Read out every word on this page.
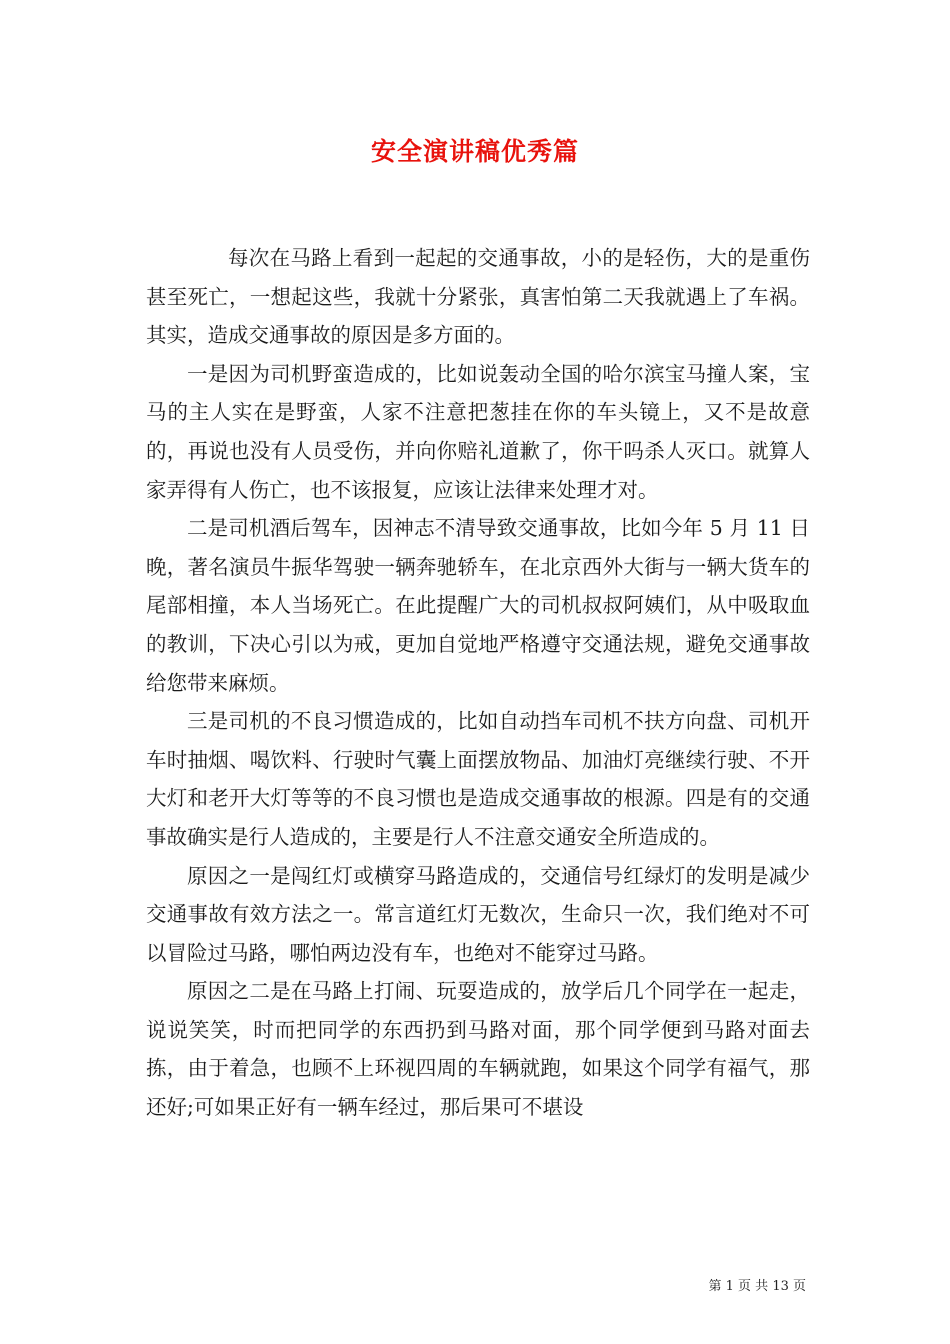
安全演讲稿优秀篇

每次在马路上看到一起起的交通事故，小的是轻伤，大的是重伤甚至死亡，一想起这些，我就十分紧张，真害怕第二天我就遇上了车祸。其实，造成交通事故的原因是多方面的。

一是因为司机野蛮造成的，比如说轰动全国的哈尔滨宝马撞人案，宝马的主人实在是野蛮，人家不注意把葱挂在你的车头镜上，又不是故意的，再说也没有人员受伤，并向你赔礼道歉了，你干吗杀人灭口。就算人家弄得有人伤亡，也不该报复，应该让法律来处理才对。

二是司机酒后驾车，因神志不清导致交通事故，比如今年 5 月 11 日晚，著名演员牛振华驾驶一辆奔驰轿车，在北京西外大街与一辆大货车的尾部相撞，本人当场死亡。在此提醒广大的司机叔叔阿姨们，从中吸取血的教训，下决心引以为戒，更加自觉地严格遵守交通法规，避免交通事故给您带来麻烦。

三是司机的不良习惯造成的，比如自动挡车司机不扶方向盘、司机开车时抽烟、喝饮料、行驶时气囊上面摆放物品、加油灯亮继续行驶、不开大灯和老开大灯等等的不良习惯也是造成交通事故的根源。四是有的交通事故确实是行人造成的，主要是行人不注意交通安全所造成的。

原因之一是闯红灯或横穿马路造成的，交通信号红绿灯的发明是减少交通事故有效方法之一。常言道红灯无数次，生命只一次，我们绝对不可以冒险过马路，哪怕两边没有车，也绝对不能穿过马路。

原因之二是在马路上打闹、玩耍造成的，放学后几个同学在一起走，说说笑笑，时而把同学的东西扔到马路对面，那个同学便到马路对面去拣，由于着急，也顾不上环视四周的车辆就跑，如果这个同学有福气，那还好;可如果正好有一辆车经过，那后果可不堪设

第 1 页 共 13 页
